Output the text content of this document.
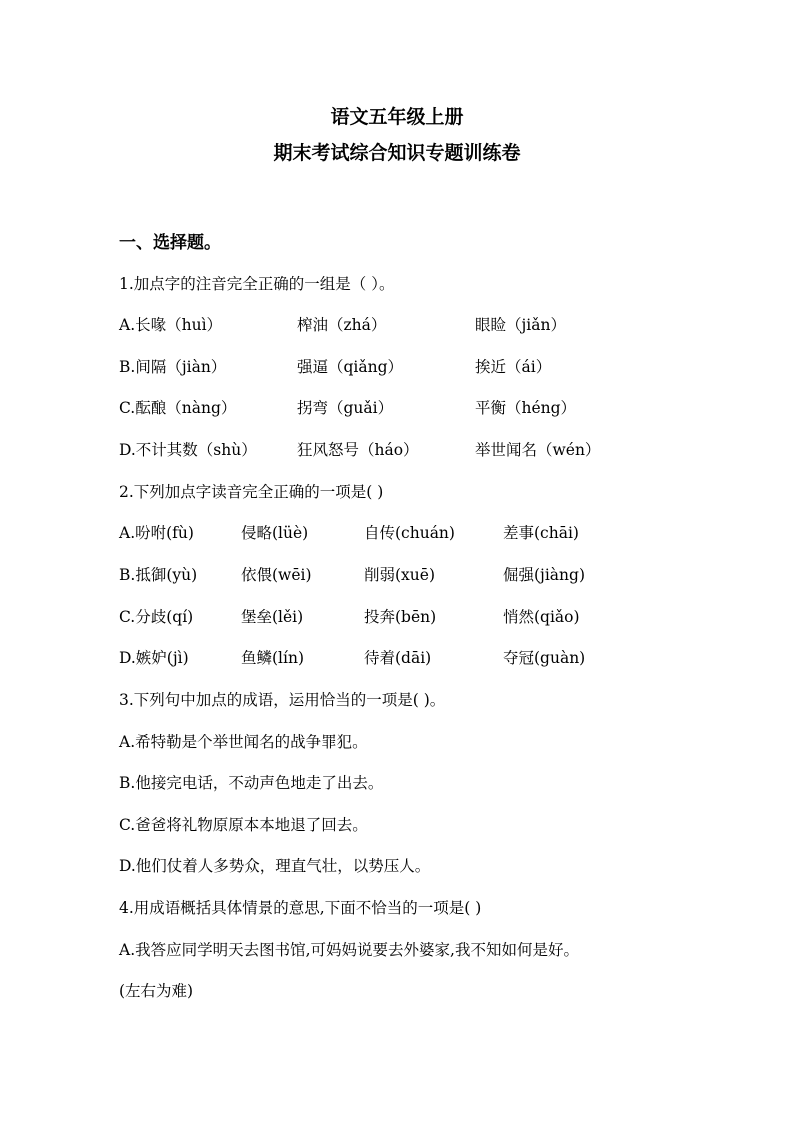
语文五年级上册
期末考试综合知识专题训练卷
一、选择题。
1.加点字的注音完全正确的一组是（ ）。
A.长喙（huì）	榨油（zhá）	眼睑（jiǎn）
B.间隔（jiàn）	强逼（qiǎng）	挨近（ái）
C.酝酿（nàng）	拐弯（guǎi）	平衡（héng）
D.不计其数（shù）	狂风怒号（háo）	举世闻名（wén）
2.下列加点字读音完全正确的一项是( )
A.吩咐(fù)	侵略(lüè)	自传(chuán)	差事(chāi)
B.抵御(yù)	依偎(wēi)	削弱(xuē)	倔强(jiàng)
C.分歧(qí)	堡垒(lěi)	投奔(bēn)	悄然(qiǎo)
D.嫉妒(jì)	鱼鳞(lín)	待着(dāi)	夺冠(guàn)
3.下列句中加点的成语，运用恰当的一项是( )。
A.希特勒是个举世闻名的战争罪犯。
B.他接完电话，不动声色地走了出去。
C.爸爸将礼物原原本本地退了回去。
D.他们仗着人多势众，理直气壮，以势压人。
4.用成语概括具体情景的意思,下面不恰当的一项是( )
A.我答应同学明天去图书馆,可妈妈说要去外婆家,我不知如何是好。
(左右为难)
